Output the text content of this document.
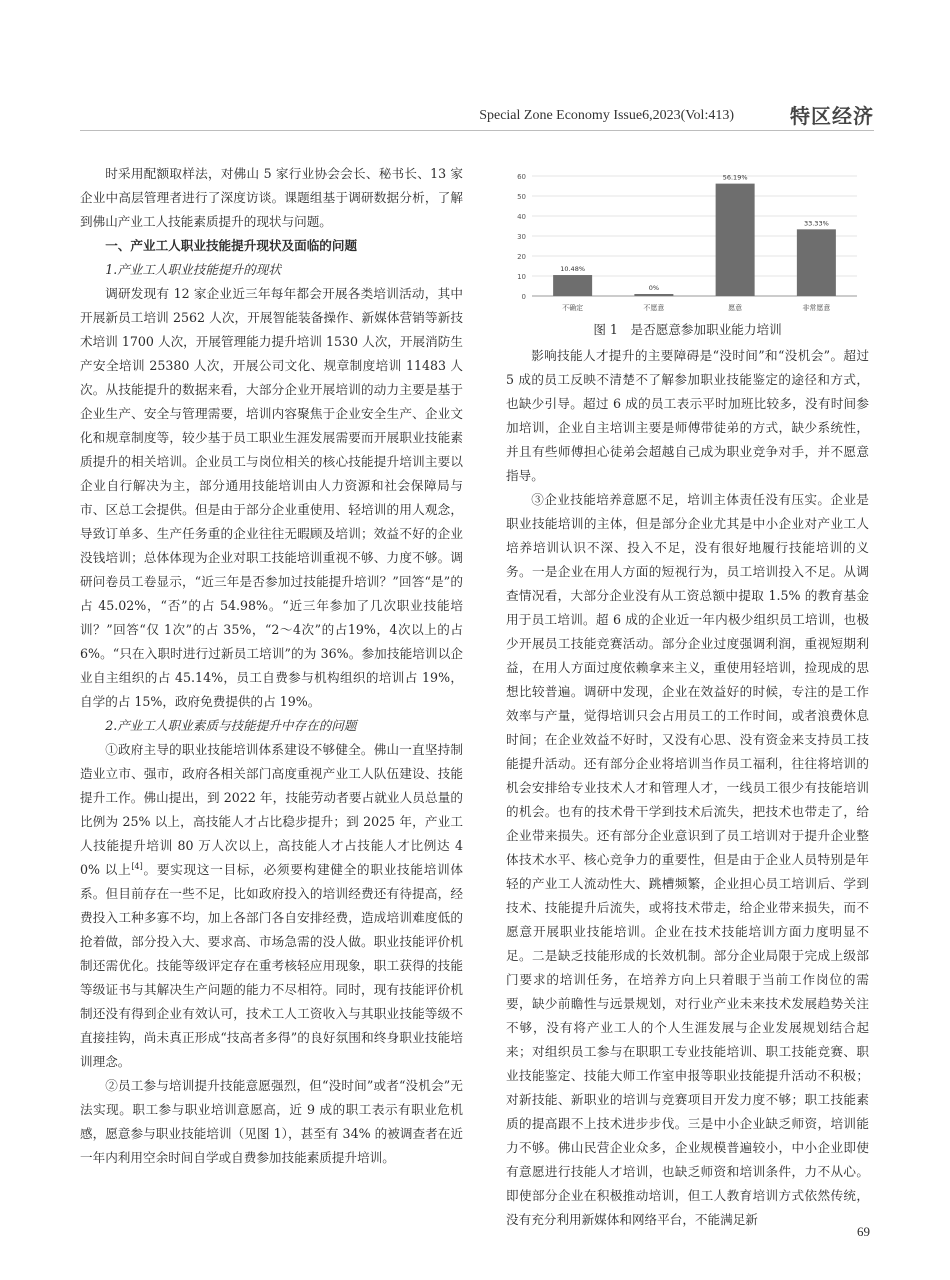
Special Zone Economy Issue6,2023(Vol:413)	特区经济

时采用配额取样法，对佛山 5 家行业协会会长、秘书长、13 家企业中高层管理者进行了深度访谈。课题组基于调研数据分析，了解到佛山产业工人技能素质提升的现状与问题。

一、产业工人职业技能提升现状及面临的问题

1.产业工人职业技能提升的现状

调研发现有 12 家企业近三年每年都会开展各类培训活动，其中开展新员工培训 2562 人次，开展智能装备操作、新媒体营销等新技术培训 1700 人次，开展管理能力提升培训 1530 人次，开展消防生产安全培训 25380 人次，开展公司文化、规章制度培训 11483 人次。从技能提升的数据来看，大部分企业开展培训的动力主要是基于企业生产、安全与管理需要，培训内容聚焦于企业安全生产、企业文化和规章制度等，较少基于员工职业生涯发展需要而开展职业技能素质提升的相关培训。企业员工与岗位相关的核心技能提升培训主要以企业自行解决为主，部分通用技能培训由人力资源和社会保障局与市、区总工会提供。但是由于部分企业重使用、轻培训的用人观念，导致订单多、生产任务重的企业往往无暇顾及培训；效益不好的企业没钱培训；总体体现为企业对职工技能培训重视不够、力度不够。调研问卷员工卷显示，“近三年是否参加过技能提升培训？”回答“是”的占 45.02%，“否”的占 54.98%。“近三年参加了几次职业技能培训？”回答“仅 1次”的占 35%，“2～4次”的占19%，4次以上的占 6%。“只在入职时进行过新员工培训”的为 36%。参加技能培训以企业自主组织的占 45.14%，员工自费参与机构组织的培训占 19%，自学的占 15%，政府免费提供的占 19%。

2.产业工人职业素质与技能提升中存在的问题

①政府主导的职业技能培训体系建设不够健全。佛山一直坚持制造业立市、强市，政府各相关部门高度重视产业工人队伍建设、技能提升工作。佛山提出，到 2022 年，技能劳动者要占就业人员总量的比例为 25% 以上，高技能人才占比稳步提升；到 2025 年，产业工人技能提升培训 80 万人次以上，高技能人才占技能人才比例达 40% 以上[4]。要实现这一目标，必须要构建健全的职业技能培训体系。但目前存在一些不足，比如政府投入的培训经费还有待提高，经费投入工种多寡不均，加上各部门各自安排经费，造成培训难度低的抢着做，部分投入大、要求高、市场急需的没人做。职业技能评价机制还需优化。技能等级评定存在重考核轻应用现象，职工获得的技能等级证书与其解决生产问题的能力不尽相符。同时，现有技能评价机制还没有得到企业有效认可，技术工人工资收入与其职业技能等级不直接挂钩，尚未真正形成“技高者多得”的良好氛围和终身职业技能培训理念。

②员工参与培训提升技能意愿强烈，但“没时间”或者“没机会”无法实现。职工参与职业培训意愿高，近 9 成的职工表示有职业危机感，愿意参与职业技能培训（见图 1），甚至有 34% 的被调查者在近一年内利用空余时间自学或自费参加技能素质提升培训。

0
10
20
30
40
50
60
10.48%
不确定
0%
不愿意
56.19%
愿意
33.33%
非常愿意
图 1　是否愿意参加职业能力培训

影响技能人才提升的主要障碍是“没时间”和“没机会”。超过 5 成的员工反映不清楚不了解参加职业技能鉴定的途径和方式，也缺少引导。超过 6 成的员工表示平时加班比较多，没有时间参加培训，企业自主培训主要是师傅带徒弟的方式，缺少系统性，并且有些师傅担心徒弟会超越自己成为职业竞争对手，并不愿意指导。

③企业技能培养意愿不足，培训主体责任没有压实。企业是职业技能培训的主体，但是部分企业尤其是中小企业对产业工人培养培训认识不深、投入不足，没有很好地履行技能培训的义务。一是企业在用人方面的短视行为，员工培训投入不足。从调查情况看，大部分企业没有从工资总额中提取 1.5% 的教育基金用于员工培训。超 6 成的企业近一年内极少组织员工培训，也极少开展员工技能竞赛活动。部分企业过度强调利润，重视短期利益，在用人方面过度依赖拿来主义，重使用轻培训，捡现成的思想比较普遍。调研中发现，企业在效益好的时候，专注的是工作效率与产量，觉得培训只会占用员工的工作时间，或者浪费休息时间；在企业效益不好时，又没有心思、没有资金来支持员工技能提升活动。还有部分企业将培训当作员工福利，往往将培训的机会安排给专业技术人才和管理人才，一线员工很少有技能培训的机会。也有的技术骨干学到技术后流失，把技术也带走了，给企业带来损失。还有部分企业意识到了员工培训对于提升企业整体技术水平、核心竞争力的重要性，但是由于企业人员特别是年轻的产业工人流动性大、跳槽频繁，企业担心员工培训后、学到技术、技能提升后流失，或将技术带走，给企业带来损失，而不愿意开展职业技能培训。企业在技术技能培训方面力度明显不足。二是缺乏技能形成的长效机制。部分企业局限于完成上级部门要求的培训任务，在培养方向上只着眼于当前工作岗位的需要，缺少前瞻性与远景规划，对行业产业未来技术发展趋势关注不够，没有将产业工人的个人生涯发展与企业发展规划结合起来；对组织员工参与在职职工专业技能培训、职工技能竞赛、职业技能鉴定、技能大师工作室申报等职业技能提升活动不积极；对新技能、新职业的培训与竞赛项目开发力度不够；职工技能素质的提高跟不上技术进步步伐。三是中小企业缺乏师资，培训能力不够。佛山民营企业众多，企业规模普遍较小，中小企业即使有意愿进行技能人才培训，也缺乏师资和培训条件，力不从心。即使部分企业在积极推动培训，但工人教育培训方式依然传统，没有充分利用新媒体和网络平台，不能满足新

69
